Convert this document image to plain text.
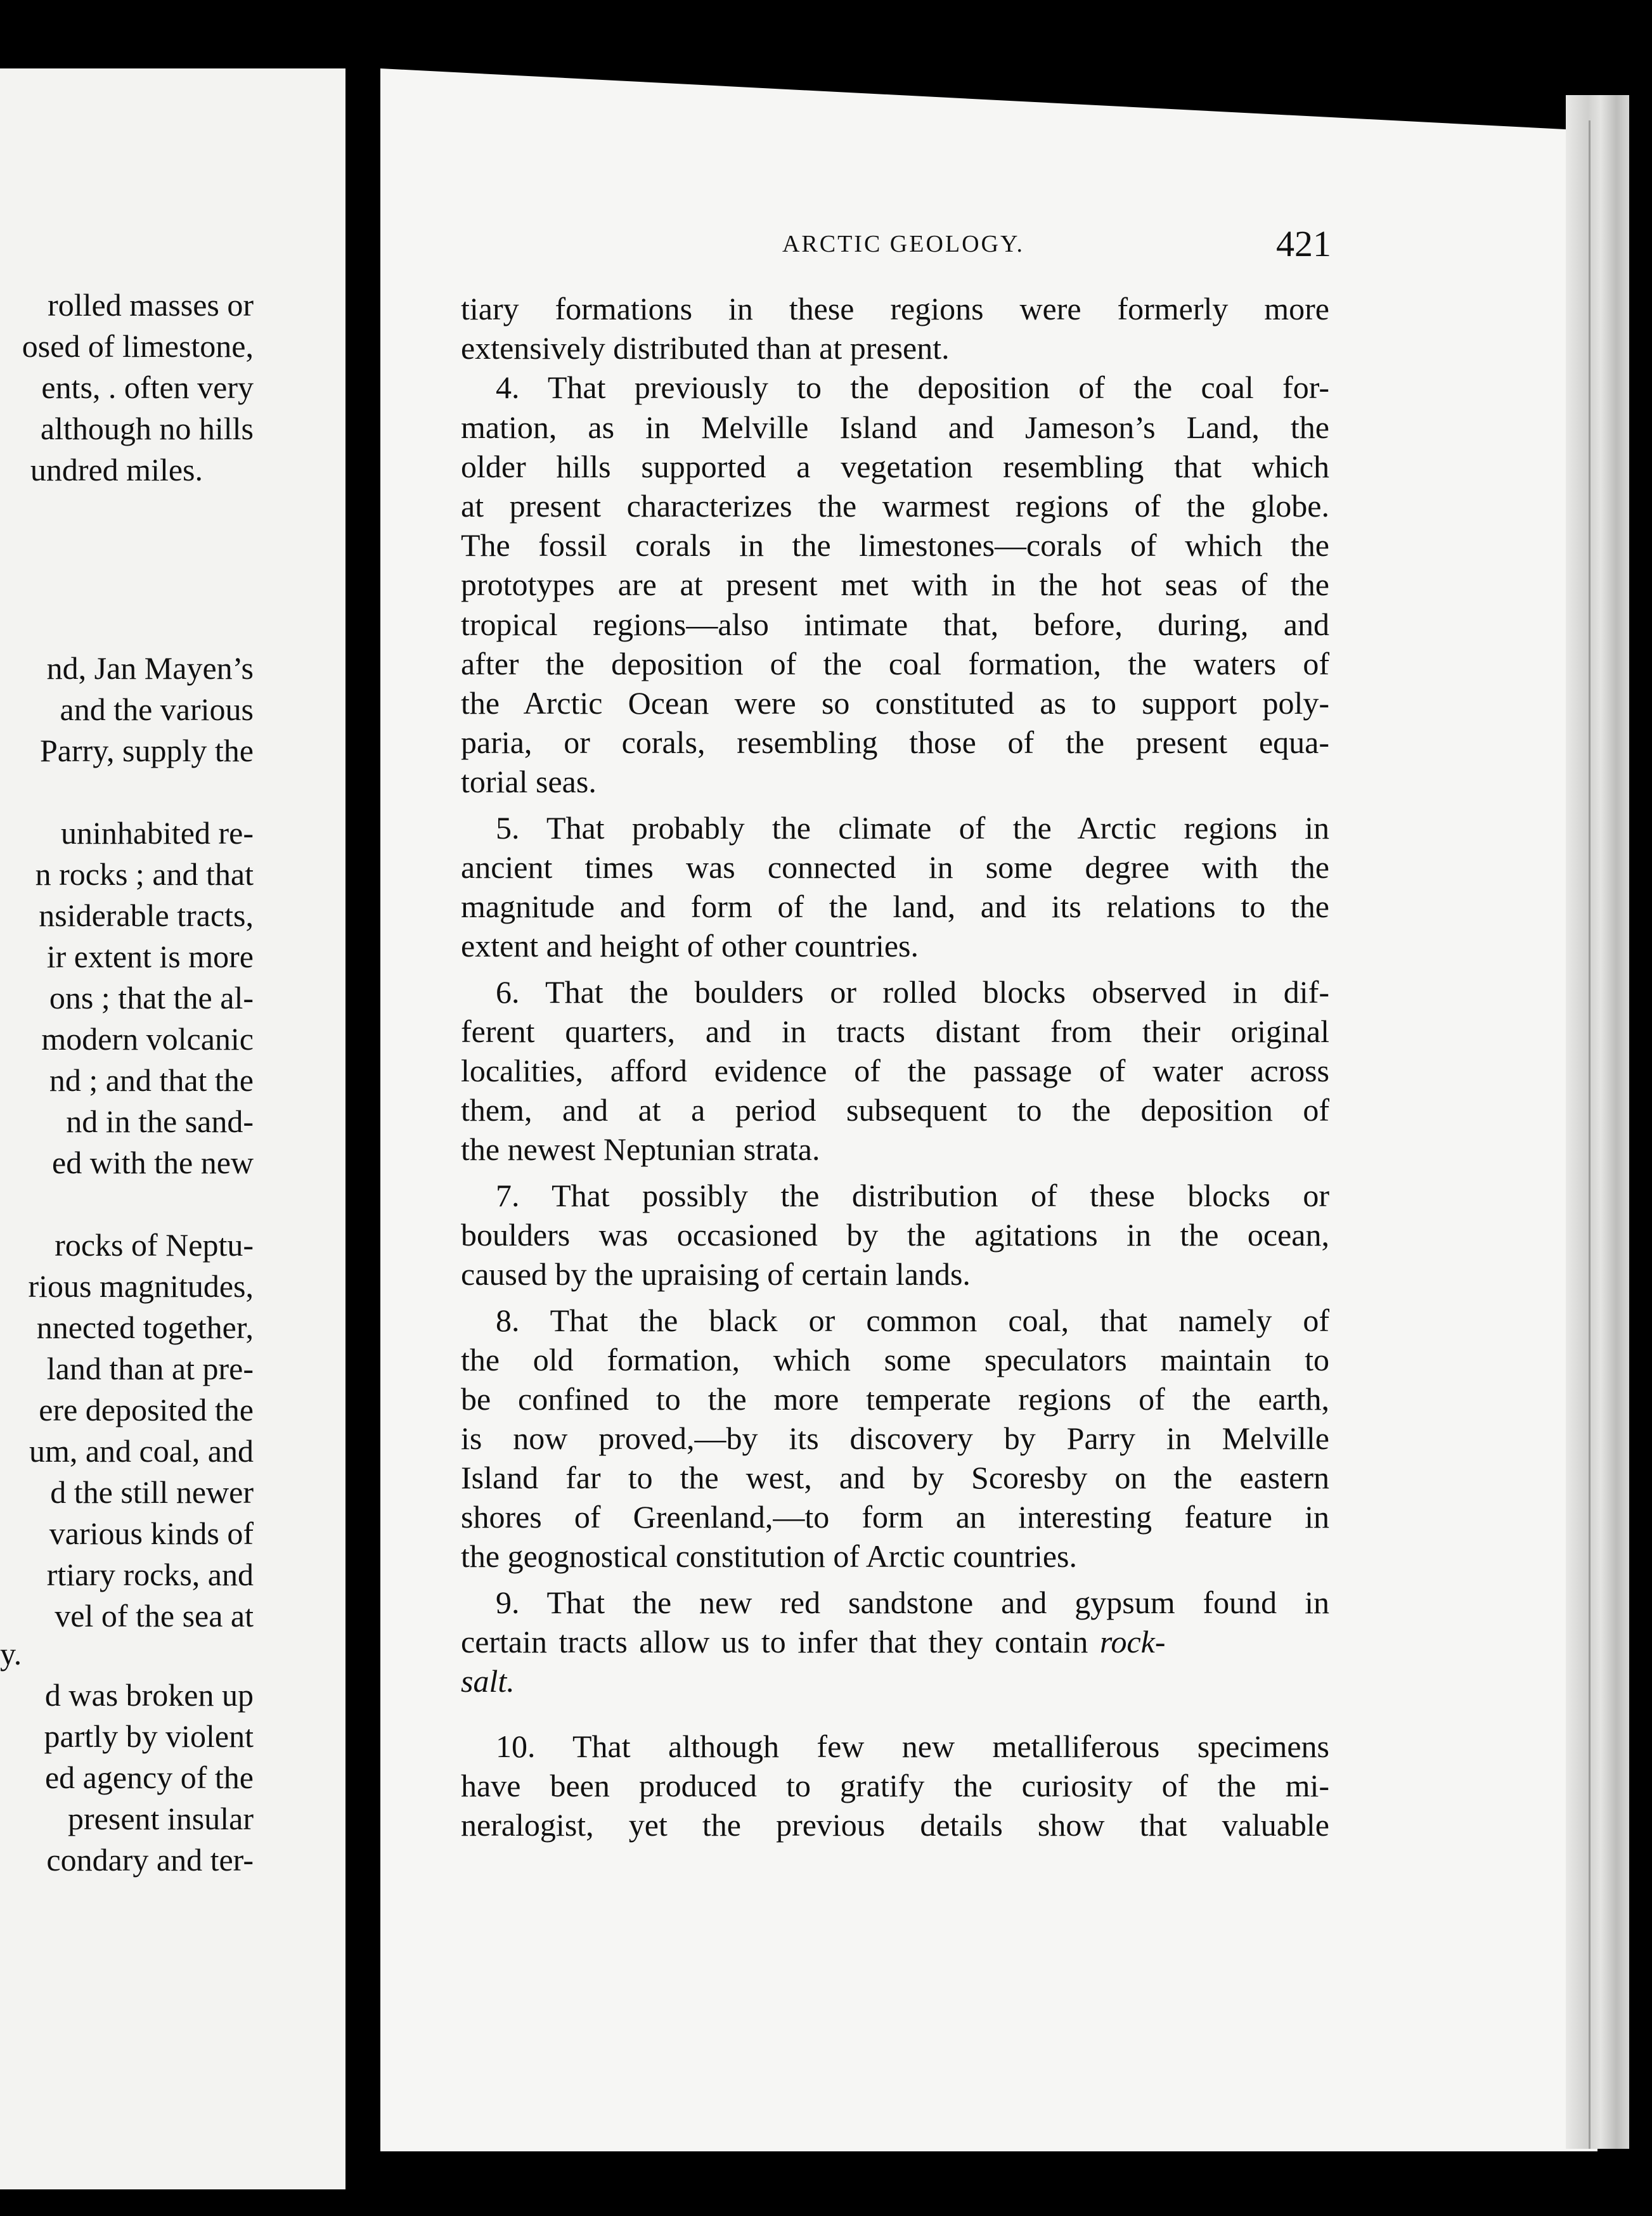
rolled masses or
osed of limestone,
ents, . often very
although no hills
undred miles.
nd, Jan Mayen’s
and the various
Parry, supply the
uninhabited re-
n rocks ; and that
nsiderable tracts,
ir extent is more
ons ; that the al-
modern volcanic
nd ; and that the
nd in the sand-
ed with the new
rocks of Neptu-
rious magnitudes,
nnected together,
land than at pre-
ere deposited the
um, and coal, and
d the still newer
various kinds of
rtiary rocks, and
vel of the sea at
y.
d was broken up
partly by violent
ed agency of the
present insular
condary and ter-
ARCTIC GEOLOGY.	421
tiary formations in these regions were formerly more
extensively distributed than at present.
4. That previously to the deposition of the coal for-
mation, as in Melville Island and Jameson’s Land, the
older hills supported a vegetation resembling that which
at present characterizes the warmest regions of the globe.
The fossil corals in the limestones—corals of which the
prototypes are at present met with in the hot seas of the
tropical regions—also intimate that, before, during, and
after the deposition of the coal formation, the waters of
the Arctic Ocean were so constituted as to support poly-
paria, or corals, resembling those of the present equa-
torial seas.
5. That probably the climate of the Arctic regions in
ancient times was connected in some degree with the
magnitude and form of the land, and its relations to the
extent and height of other countries.
6. That the boulders or rolled blocks observed in dif-
ferent quarters, and in tracts distant from their original
localities, afford evidence of the passage of water across
them, and at a period subsequent to the deposition of
the newest Neptunian strata.
7. That possibly the distribution of these blocks or
boulders was occasioned by the agitations in the ocean,
caused by the upraising of certain lands.
8. That the black or common coal, that namely of
the old formation, which some speculators maintain to
be confined to the more temperate regions of the earth,
is now proved,—by its discovery by Parry in Melville
Island far to the west, and by Scoresby on the eastern
shores of Greenland,—to form an interesting feature in
the geognostical constitution of Arctic countries.
9. That the new red sandstone and gypsum found in
certain tracts allow us to infer that they contain rock-
salt.
10. That although few new metalliferous specimens
have been produced to gratify the curiosity of the mi-
neralogist, yet the previous details show that valuable
